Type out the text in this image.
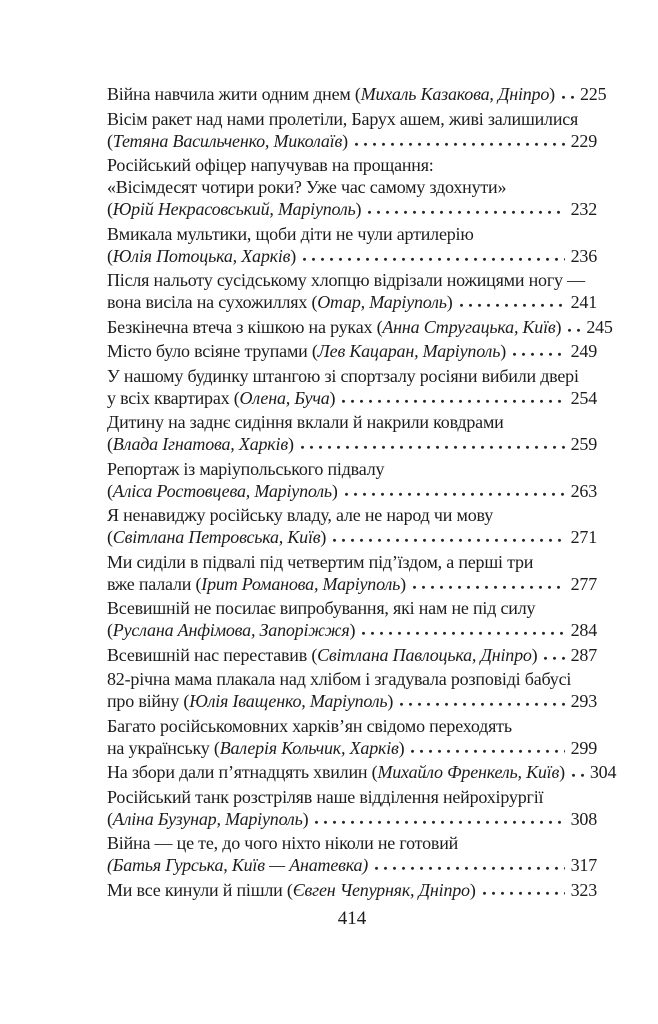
Війна навчила жити одним днем (Михаль Казакова, Дніпро) 225
Вісім ракет над нами пролетіли, Барух ашем, живі залишилися
(Тетяна Васильченко, Миколаїв)	229
Російський офіцер напучував на прощання:
«Вісімдесят чотири роки? Уже час самому здохнути»
(Юрій Некрасовський, Маріуполь)	232
Вмикала мультики, щоби діти не чули артилерію
(Юлія Потоцька, Харків)	236
Після нальоту сусідському хлопцю відрізали ножицями ногу —
вона висіла на сухожиллях (Отар, Маріуполь)	241
Безкінечна втеча з кішкою на руках (Анна Стругацька, Київ) 245
Місто було всіяне трупами (Лев Кацаран, Маріуполь)	249
У нашому будинку штангою зі спортзалу росіяни вибили двері
у всіх квартирах (Олена, Буча)	254
Дитину на заднє сидіння вклали й накрили ковдрами
(Влада Ігнатова, Харків)	259
Репортаж із маріупольського підвалу
(Аліса Ростовцева, Маріуполь)	263
Я ненавиджу російську владу, але не народ чи мову
(Світлана Петровська, Київ)	271
Ми сиділи в підвалі під четвертим під’їздом, а перші три
вже палали (Ірит Романова, Маріуполь)	277
Всевишній не посилає випробування, які нам не під силу
(Руслана Анфімова, Запоріжжя)	284
Всевишній нас переставив (Світлана Павлоцька, Дніпро) 287
82-річна мама плакала над хлібом і згадувала розповіді бабусі
про війну (Юлія Іващенко, Маріуполь)	293
Багато російськомовних харків’ян свідомо переходять
на українську (Валерія Кольчик, Харків)	299
На збори дали п’ятнадцять хвилин (Михайло Френкель, Київ) 304
Російський танк розстріляв наше відділення нейрохірургії
(Аліна Бузунар, Маріуполь)	308
Війна — це те, до чого ніхто ніколи не готовий
(Батья Гурська, Київ — Анатевка)	317
Ми все кинули й пішли (Євген Чепурняк, Дніпро)	323
414
